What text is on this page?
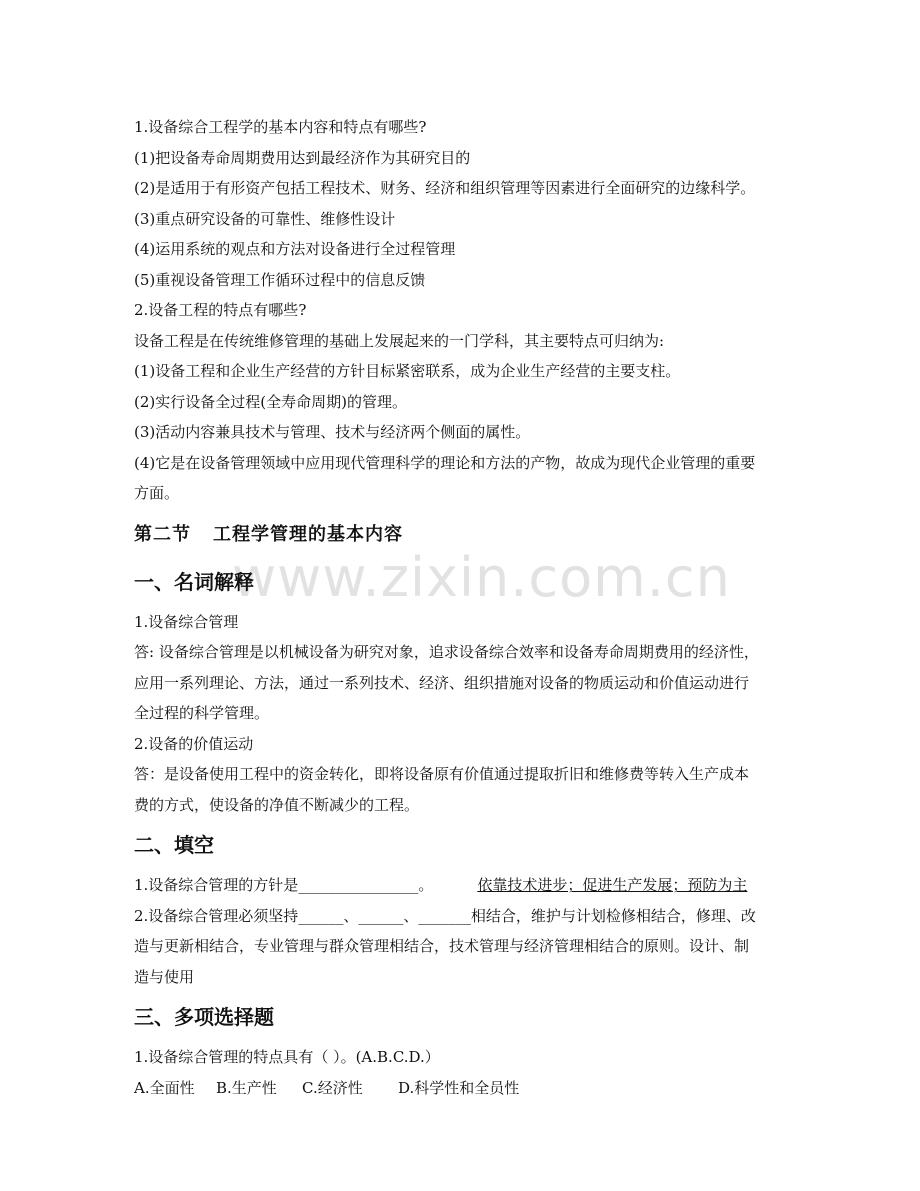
www.zixin.com.cn
1.设备综合工程学的基本内容和特点有哪些?
(1)把设备寿命周期费用达到最经济作为其研究目的
(2)是适用于有形资产包括工程技术、财务、经济和组织管理等因素进行全面研究的边缘科学。
(3)重点研究设备的可靠性、维修性设计
(4)运用系统的观点和方法对设备进行全过程管理
(5)重视设备管理工作循环过程中的信息反馈
2.设备工程的特点有哪些?
设备工程是在传统维修管理的基础上发展起来的一门学科，其主要特点可归纳为:
(1)设备工程和企业生产经营的方针目标紧密联系，成为企业生产经营的主要支柱。
(2)实行设备全过程(全寿命周期)的管理。
(3)活动内容兼具技术与管理、技术与经济两个侧面的属性。
(4)它是在设备管理领域中应用现代管理科学的理论和方法的产物，故成为现代企业管理的重要
方面。
第二节 工程学管理的基本内容
一、名词解释
1.设备综合管理
答: 设备综合管理是以机械设备为研究对象，追求设备综合效率和设备寿命周期费用的经济性，
应用一系列理论、方法，通过一系列技术、经济、组织措施对设备的物质运动和价值运动进行
全过程的科学管理。
2.设备的价值运动
答：是设备使用工程中的资金转化，即将设备原有价值通过提取折旧和维修费等转入生产成本
费的方式，使设备的净值不断减少的工程。
二、填空
1.设备综合管理的方针是________________。	依靠技术进步；促进生产发展；预防为主
2.设备综合管理必须坚持______、______、_______相结合，维护与计划检修相结合，修理、改
造与更新相结合，专业管理与群众管理相结合，技术管理与经济管理相结合的原则。设计、制
造与使用
三、多项选择题
1.设备综合管理的特点具有（ ）。(A.B.C.D.）
A.全面性 B.生产性 C.经济性 D.科学性和全员性
